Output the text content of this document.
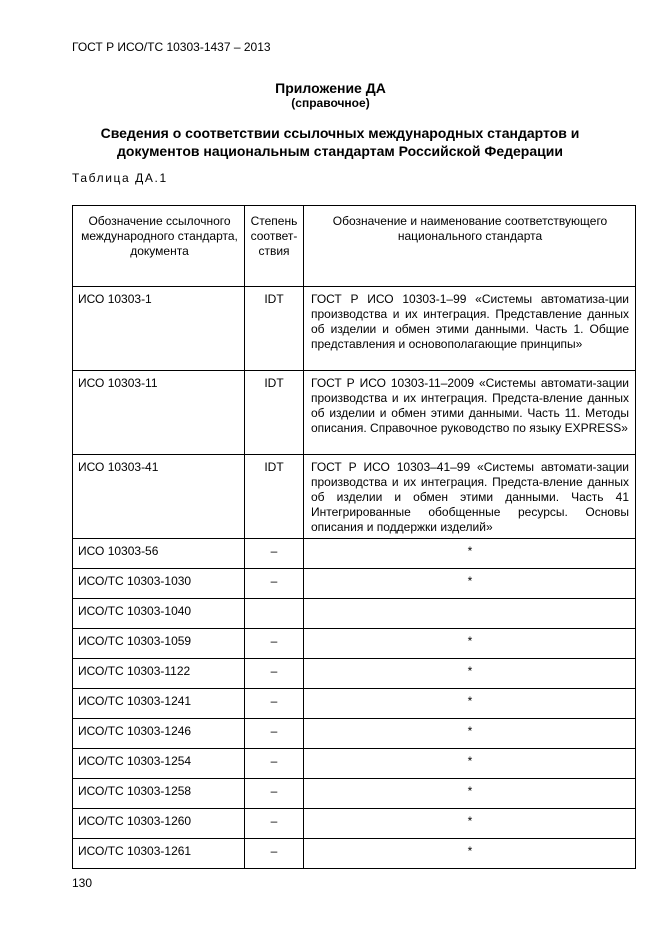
ГОСТ Р ИСО/ТС 10303-1437 – 2013
Приложение ДА
(справочное)
Сведения о соответствии ссылочных международных стандартов и
документов национальным стандартам Российской Федерации
Таблица ДА.1
Обозначение ссылочного международного стандарта, документа	Степень соответ-ствия	Обозначение и наименование соответствующего национального стандарта
ИСО 10303-1	IDT	ГОСТ Р ИСО 10303-1–99 «Системы автоматиза-ции производства и их интеграция. Представление данных об изделии и обмен этими данными. Часть 1. Общие представления и основополагающие принципы»
ИСО 10303-11	IDT	ГОСТ Р ИСО 10303-11–2009 «Системы автомати-зации производства и их интеграция. Предста-вление данных об изделии и обмен этими данными. Часть 11. Методы описания. Справочное руководство по языку EXPRESS»
ИСО 10303-41	IDT	ГОСТ Р ИСО 10303–41–99 «Системы автомати-зации производства и их интеграция. Предста-вление данных об изделии и обмен этими данными. Часть 41 Интегрированные обобщенные ресурсы. Основы описания и поддержки изделий»
ИСО 10303-56	–	*
ИСО/ТС 10303-1030	–	*
ИСО/ТС 10303-1040		
ИСО/ТС 10303-1059	–	*
ИСО/ТС 10303-1122	–	*
ИСО/ТС 10303-1241	–	*
ИСО/ТС 10303-1246	–	*
ИСО/ТС 10303-1254	–	*
ИСО/ТС 10303-1258	–	*
ИСО/ТС 10303-1260	–	*
ИСО/ТС 10303-1261	–	*
130
